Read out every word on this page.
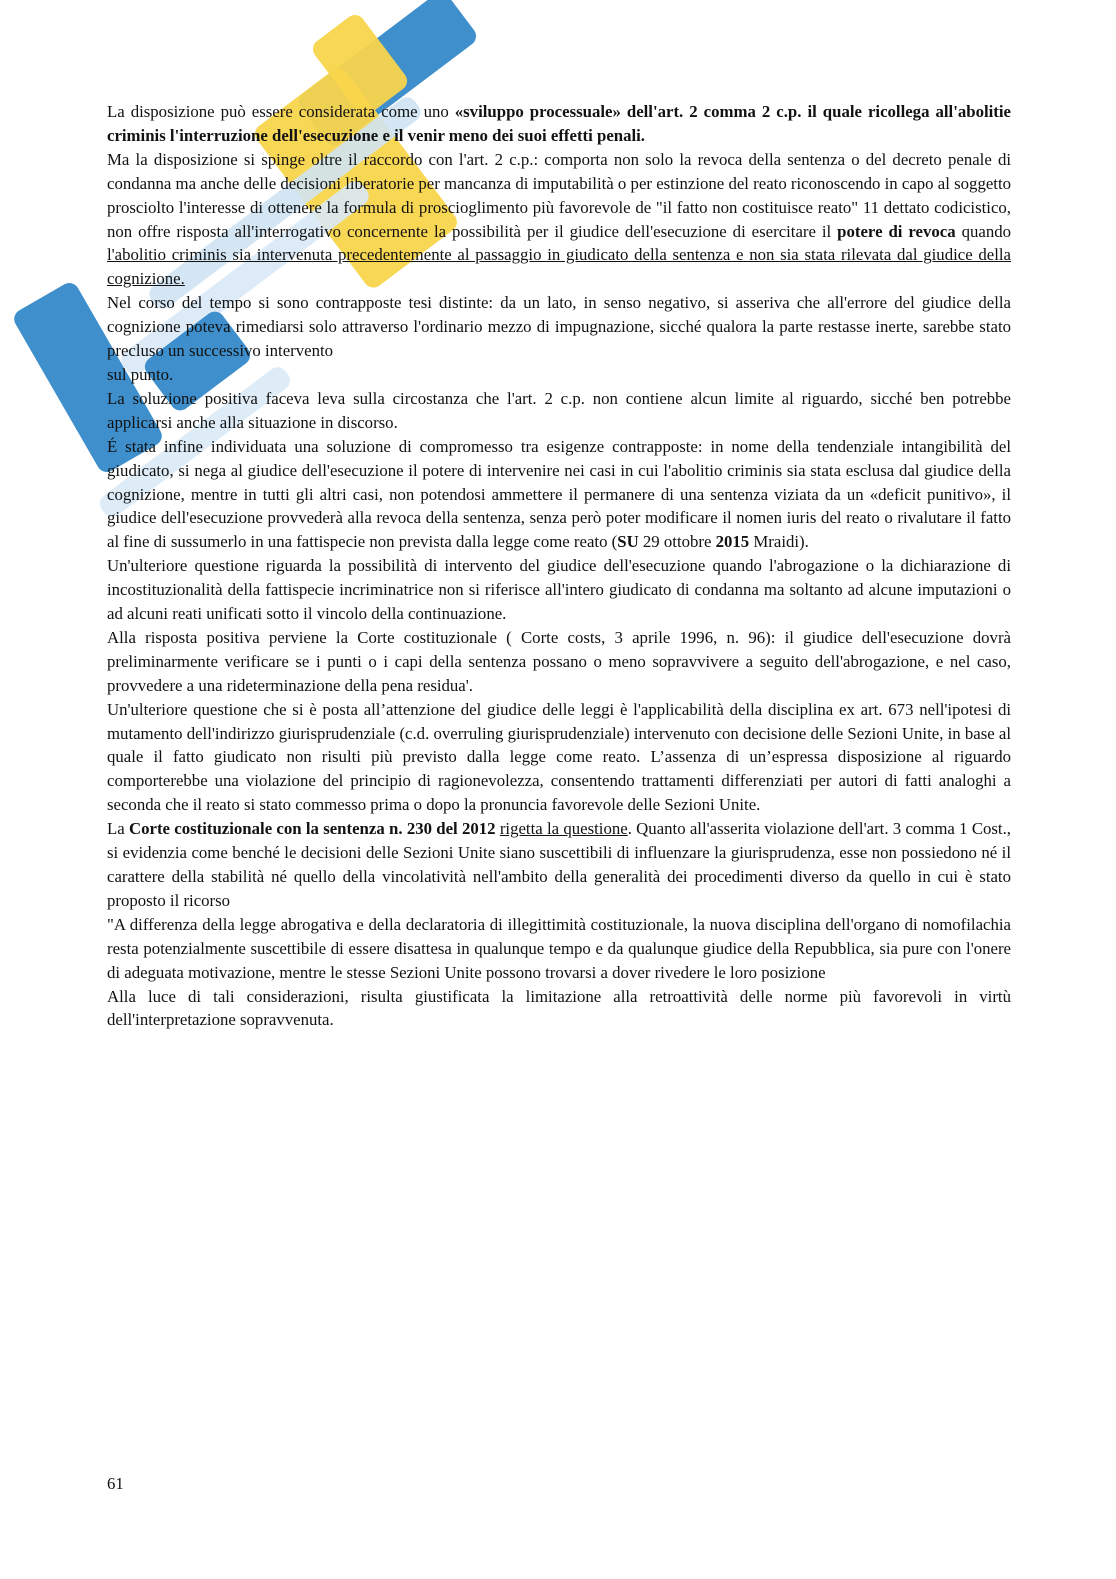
La disposizione può essere considerata come uno «sviluppo processuale» dell'art. 2 comma 2 c.p. il quale ricollega all'abolitie criminis l'interruzione dell'esecuzione e il venir meno dei suoi effetti penali.

Ma la disposizione si spinge oltre il raccordo con l'art. 2 c.p.: comporta non solo la revoca della sentenza o del decreto penale di condanna ma anche delle decisioni liberatorie per mancanza di imputabilità o per estinzione del reato riconoscendo in capo al soggetto prosciolto l'interesse di ottenere la formula di proscioglimento più favorevole de "il fatto non costituisce reato" 11 dettato codicistico, non offre risposta all'interrogativo concernente la possibilità per il giudice dell'esecuzione di esercitare il potere di revoca quando l'abolitio criminis sia intervenuta precedentemente al passaggio in giudicato della sentenza e non sia stata rilevata dal giudice della cognizione.

Nel corso del tempo si sono contrapposte tesi distinte: da un lato, in senso negativo, si asseriva che all'errore del giudice della cognizione poteva rimediarsi solo attraverso l'ordinario mezzo di impugnazione, sicché qualora la parte restasse inerte, sarebbe stato precluso un successivo intervento

sul punto.

La soluzione positiva faceva leva sulla circostanza che l'art. 2 c.p. non contiene alcun limite al riguardo, sicché ben potrebbe applicarsi anche alla situazione in discorso.

É stata infine individuata una soluzione di compromesso tra esigenze contrapposte: in nome della tendenziale intangibilità del giudicato, si nega al giudice dell'esecuzione il potere di intervenire nei casi in cui l'abolitio criminis sia stata esclusa dal giudice della cognizione, mentre in tutti gli altri casi, non potendosi ammettere il permanere di una sentenza viziata da un «deficit punitivo», il giudice dell'esecuzione provvederà alla revoca della sentenza, senza però poter modificare il nomen iuris del reato o rivalutare il fatto al fine di sussumerlo in una fattispecie non prevista dalla legge come reato (SU 29 ottobre 2015 Mraidi).

Un'ulteriore questione riguarda la possibilità di intervento del giudice dell'esecuzione quando l'abrogazione o la dichiarazione di incostituzionalità della fattispecie incriminatrice non si riferisce all'intero giudicato di condanna ma soltanto ad alcune imputazioni o ad alcuni reati unificati sotto il vincolo della continuazione.

Alla risposta positiva perviene la Corte costituzionale ( Corte costs, 3 aprile 1996, n. 96): il giudice dell'esecuzione dovrà preliminarmente verificare se i punti o i capi della sentenza possano o meno sopravvivere a seguito dell'abrogazione, e nel caso, provvedere a una rideterminazione della pena residua'.

Un'ulteriore questione che si è posta all’attenzione del giudice delle leggi è l'applicabilità della disciplina ex art. 673 nell'ipotesi di mutamento dell'indirizzo giurisprudenziale (c.d. overruling giurisprudenziale) intervenuto con decisione delle Sezioni Unite, in base al quale il fatto giudicato non risulti più previsto dalla legge come reato. L’assenza di un’espressa disposizione al riguardo comporterebbe una violazione del principio di ragionevolezza, consentendo trattamenti differenziati per autori di fatti analoghi a seconda che il reato si stato commesso prima o dopo la pronuncia favorevole delle Sezioni Unite.

La Corte costituzionale con la sentenza n. 230 del 2012 rigetta la questione. Quanto all'asserita violazione dell'art. 3 comma 1 Cost., si evidenzia come benché le decisioni delle Sezioni Unite siano suscettibili di influenzare la giurisprudenza, esse non possiedono né il carattere della stabilità né quello della vincolatività nell'ambito della generalità dei procedimenti diverso da quello in cui è stato proposto il ricorso

"A differenza della legge abrogativa e della declaratoria di illegittimità costituzionale, la nuova disciplina dell'organo di nomofilachia resta potenzialmente suscettibile di essere disattesa in qualunque tempo e da qualunque giudice della Repubblica, sia pure con l'onere di adeguata motivazione, mentre le stesse Sezioni Unite possono trovarsi a dover rivedere le loro posizione

Alla luce di tali considerazioni, risulta giustificata la limitazione alla retroattività delle norme più favorevoli in virtù dell'interpretazione sopravvenuta.

61
